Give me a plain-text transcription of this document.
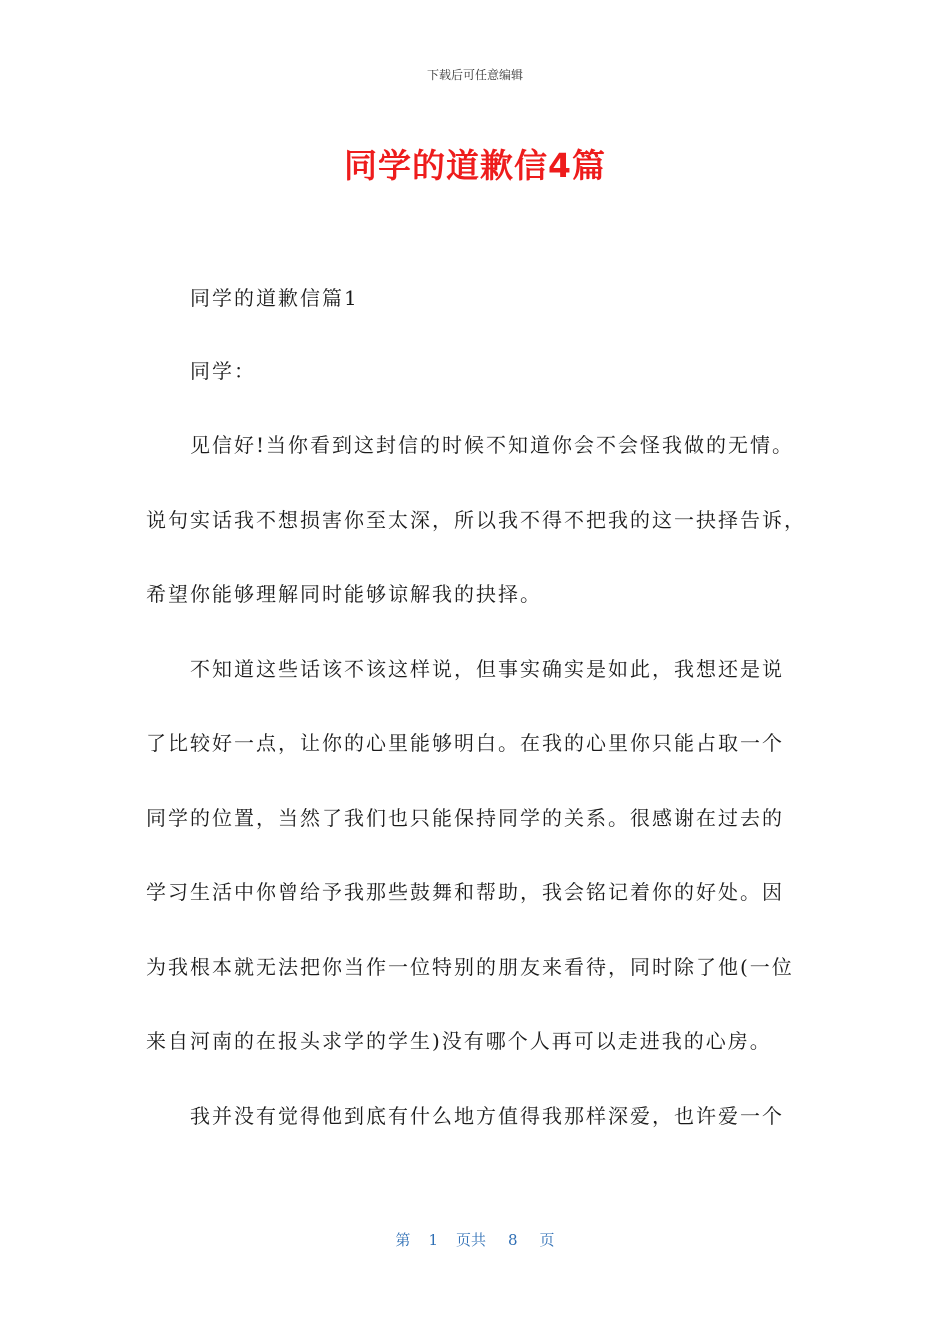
下载后可任意编辑
同学的道歉信4篇
同学的道歉信篇1
同学：
见信好!当你看到这封信的时候不知道你会不会怪我做的无情。
说句实话我不想损害你至太深，所以我不得不把我的这一抉择告诉，
希望你能够理解同时能够谅解我的抉择。
不知道这些话该不该这样说，但事实确实是如此，我想还是说
了比较好一点，让你的心里能够明白。在我的心里你只能占取一个
同学的位置，当然了我们也只能保持同学的关系。很感谢在过去的
学习生活中你曾给予我那些鼓舞和帮助，我会铭记着你的好处。因
为我根本就无法把你当作一位特别的朋友来看待，同时除了他(一位
来自河南的在报头求学的学生)没有哪个人再可以走进我的心房。
我并没有觉得他到底有什么地方值得我那样深爱，也许爱一个
第 1 页共 8 页
